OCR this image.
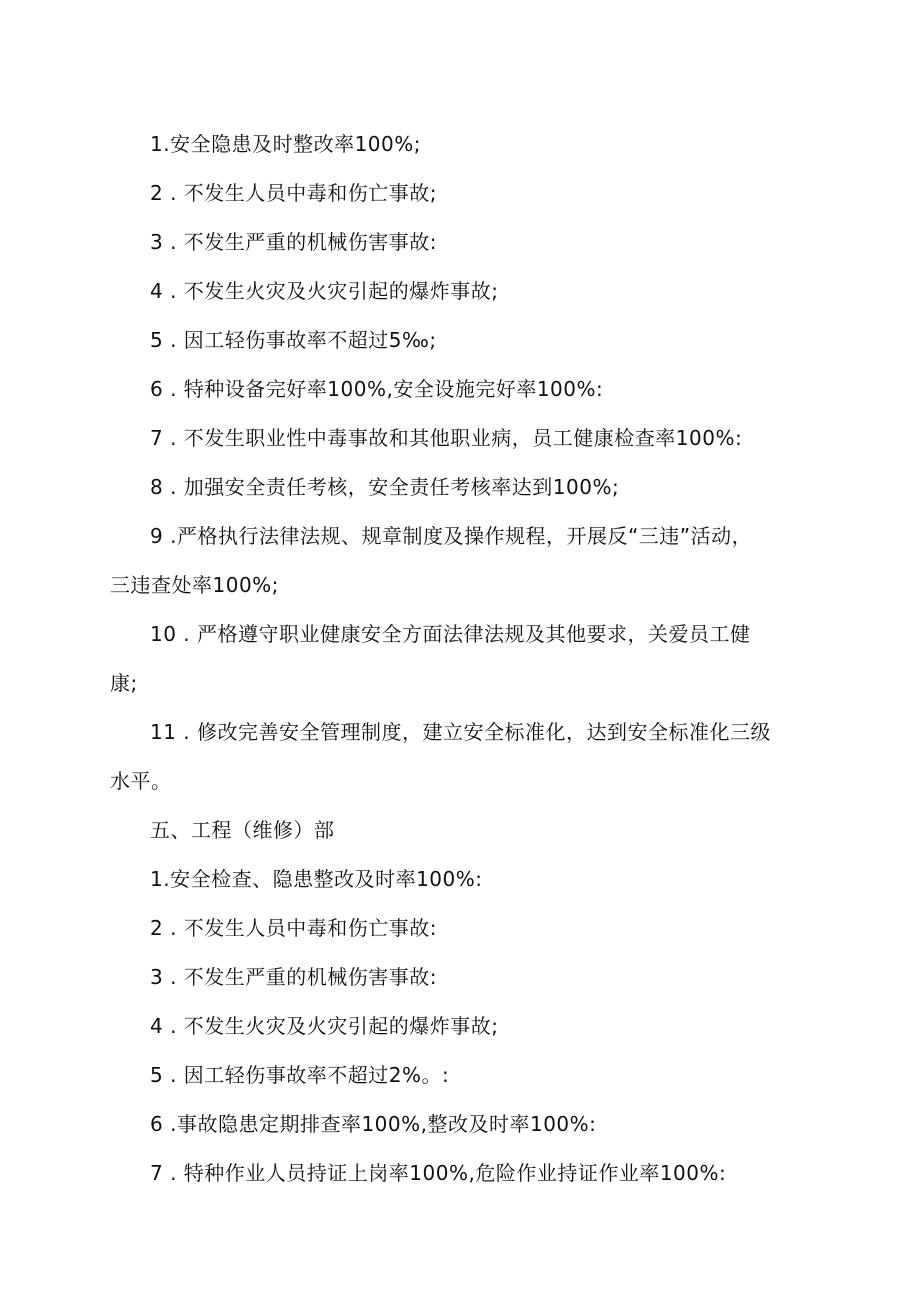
1.安全隐患及时整改率100%;
2 . 不发生人员中毒和伤亡事故;
3 . 不发生严重的机械伤害事故:
4 . 不发生火灾及火灾引起的爆炸事故;
5 . 因工轻伤事故率不超过5‰;
6 . 特种设备完好率100%,安全设施完好率100%:
7 . 不发生职业性中毒事故和其他职业病，员工健康检查率100%:
8 . 加强安全责任考核，安全责任考核率达到100%;
9 .严格执行法律法规、规章制度及操作规程，开展反“三违”活动，
三违查处率100%;
10 . 严格遵守职业健康安全方面法律法规及其他要求，关爱员工健
康;
11 . 修改完善安全管理制度，建立安全标准化，达到安全标准化三级
水平。
五、工程（维修）部
1.安全检查、隐患整改及时率100%:
2 . 不发生人员中毒和伤亡事故:
3 . 不发生严重的机械伤害事故:
4 . 不发生火灾及火灾引起的爆炸事故;
5 . 因工轻伤事故率不超过2%。:
6 .事故隐患定期排查率100%,整改及时率100%:
7 . 特种作业人员持证上岗率100%,危险作业持证作业率100%:
